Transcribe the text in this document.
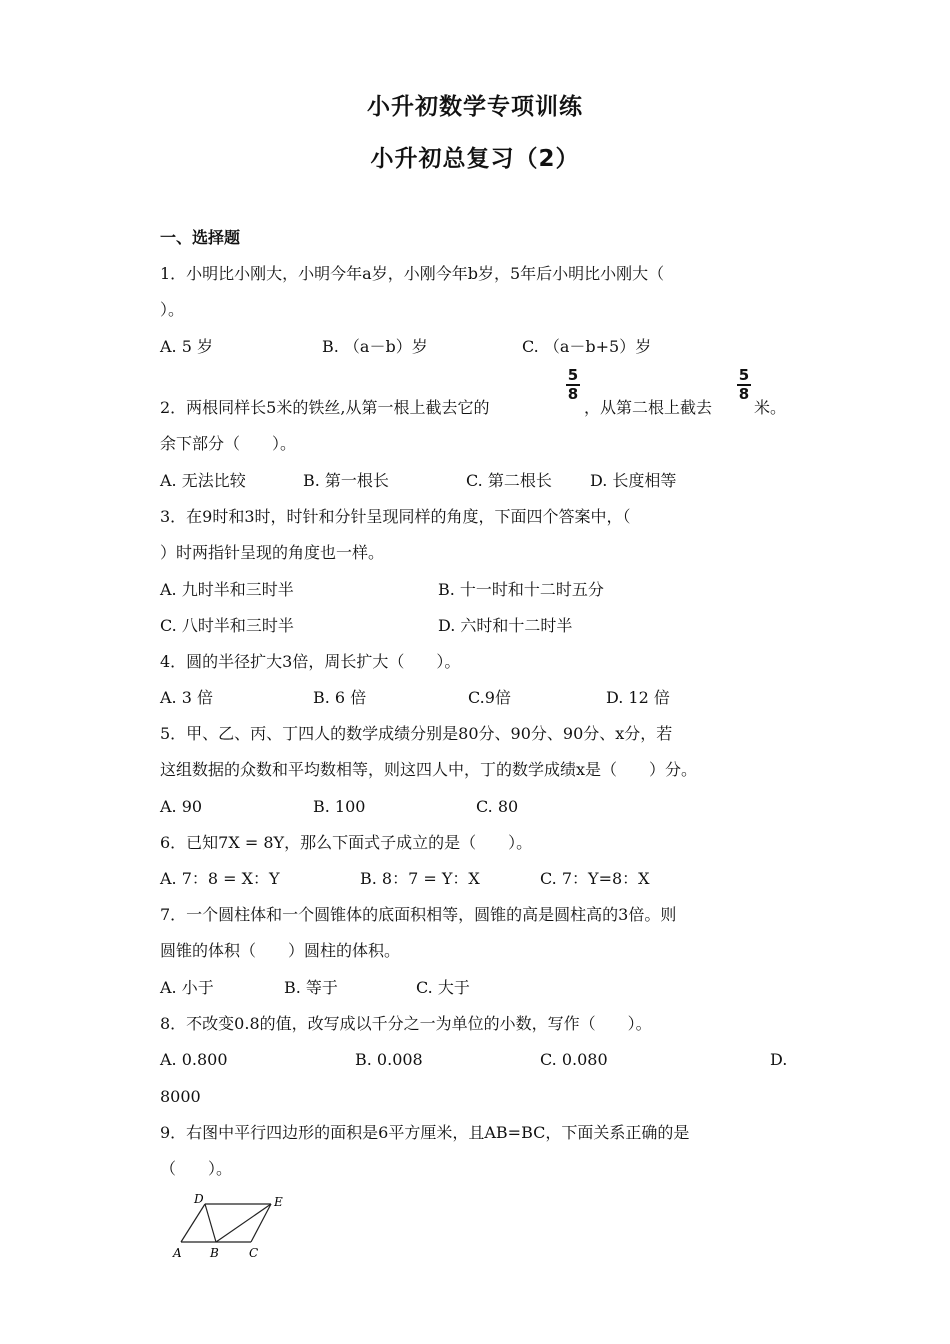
小升初数学专项训练
小升初总复习（2）
一、选择题
1．小明比小刚大，小明今年a岁，小刚今年b岁，5年后小明比小刚大（
）。
A. 5 岁	B. （a－b）岁	C. （a－b+5）岁
2．两根同样长5米的铁丝,从第一根上截去它的
5
8
，从第二根上截去
5
8
米。
余下部分（　　）。
A. 无法比较	B. 第一根长	C. 第二根长 D. 长度相等
3．在9时和3时，时针和分针呈现同样的角度，下面四个答案中，（
）时两指针呈现的角度也一样。
A. 九时半和三时半	B. 十一时和十二时五分
C. 八时半和三时半	D. 六时和十二时半
4．圆的半径扩大3倍，周长扩大（　　）。
A. 3 倍	B. 6 倍	C.9倍	D. 12 倍
5．甲、乙、丙、丁四人的数学成绩分别是80分、90分、90分、x分，若
这组数据的众数和平均数相等，则这四人中，丁的数学成绩x是（　　）分。
A. 90	B. 100	C. 80
6．已知7X = 8Y，那么下面式子成立的是（　　）。
A. 7：8 = X：Y	B. 8：7 = Y：X	C. 7：Y=8：X
7．一个圆柱体和一个圆锥体的底面积相等，圆锥的高是圆柱高的3倍。则
圆锥的体积（　　）圆柱的体积。
A. 小于	B. 等于	C. 大于
8．不改变0.8的值，改写成以千分之一为单位的小数，写作（　　）。
A. 0.800	B. 0.008	C. 0.080	D.
8000
9．右图中平行四边形的面积是6平方厘米，且AB=BC，下面关系正确的是
（　　）。
A B	C
D	E
